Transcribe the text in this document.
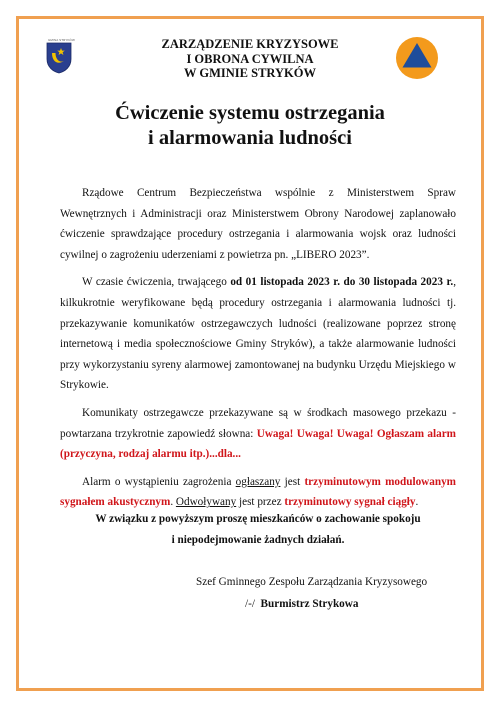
GMINA STRYKÓW	ZARZĄDZENIE KRYZYSOWE
I OBRONA CYWILNA
W GMINIE STRYKÓW
Ćwiczenie systemu ostrzegania
i alarmowania ludności

Rządowe Centrum Bezpieczeństwa wspólnie z Ministerstwem Spraw Wewnętrznych i Administracji oraz Ministerstwem Obrony Narodowej zaplanowało ćwiczenie sprawdzające procedury ostrzegania i alarmowania wojsk oraz ludności cywilnej o zagrożeniu uderzeniami z powietrza pn. „LIBERO 2023”.

W czasie ćwiczenia, trwającego od 01 listopada 2023 r. do 30 listopada 2023 r., kilkukrotnie weryfikowane będą procedury ostrzegania i alarmowania ludności tj. przekazywanie komunikatów ostrzegawczych ludności (realizowane poprzez stronę internetową i media społecznościowe Gminy Stryków), a także alarmowanie ludności przy wykorzystaniu syreny alarmowej zamontowanej na budynku Urzędu Miejskiego w Strykowie.

Komunikaty ostrzegawcze przekazywane są w środkach masowego przekazu - powtarzana trzykrotnie zapowiedź słowna: Uwaga! Uwaga! Uwaga! Ogłaszam alarm (przyczyna, rodzaj alarmu itp.)...dla...

Alarm o wystąpieniu zagrożenia ogłaszany jest trzyminutowym modulowanym sygnałem akustycznym. Odwoływany jest przez trzyminutowy sygnał ciągły.

W związku z powyższym proszę mieszkańców o zachowanie spokoju
i niepodejmowanie żadnych działań.
Szef Gminnego Zespołu Zarządzania Kryzysowego
/-/ Burmistrz Strykowa
